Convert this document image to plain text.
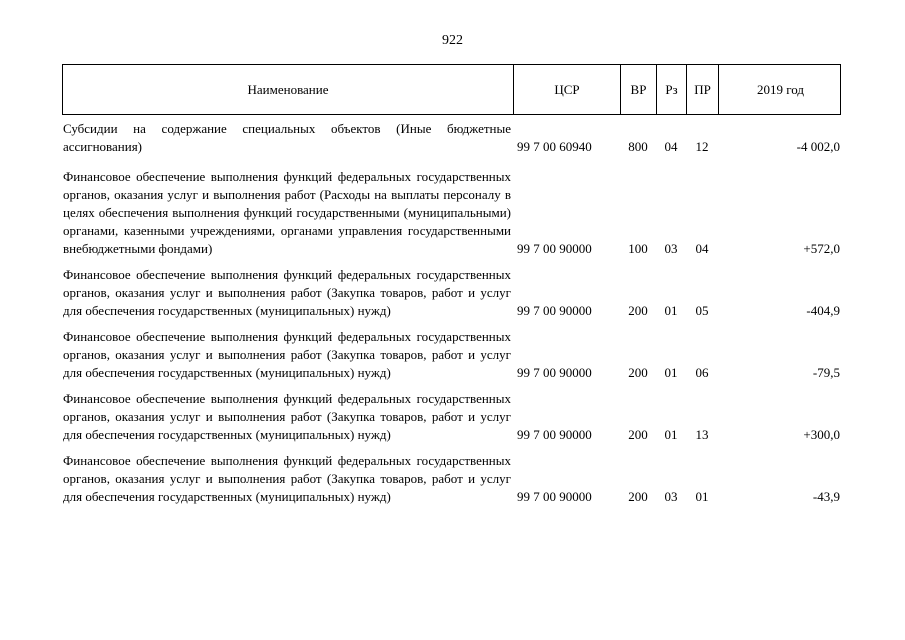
922
Наименование	ЦСР	ВР	Рз	ПР	2019 год
Субсидии на содержание специальных объектов (Иные бюджетные ассигнования)	99 7 00 60940	800	04	12	-4 002,0
Финансовое обеспечение выполнения функций федеральных государственных органов, оказания услуг и выполнения работ (Расходы на выплаты персоналу в целях обеспечения выполнения функций государственными (муниципальными) органами, казенными учреждениями, органами управления государственными внебюджетными фондами)	99 7 00 90000	100	03	04	+572,0
Финансовое обеспечение выполнения функций федеральных государственных органов, оказания услуг и выполнения работ (Закупка товаров, работ и услуг для обеспечения государственных (муниципальных) нужд)	99 7 00 90000	200	01	05	-404,9
Финансовое обеспечение выполнения функций федеральных государственных органов, оказания услуг и выполнения работ (Закупка товаров, работ и услуг для обеспечения государственных (муниципальных) нужд)	99 7 00 90000	200	01	06	-79,5
Финансовое обеспечение выполнения функций федеральных государственных органов, оказания услуг и выполнения работ (Закупка товаров, работ и услуг для обеспечения государственных (муниципальных) нужд)	99 7 00 90000	200	01	13	+300,0
Финансовое обеспечение выполнения функций федеральных государственных органов, оказания услуг и выполнения работ (Закупка товаров, работ и услуг для обеспечения государственных (муниципальных) нужд)	99 7 00 90000	200	03	01	-43,9
